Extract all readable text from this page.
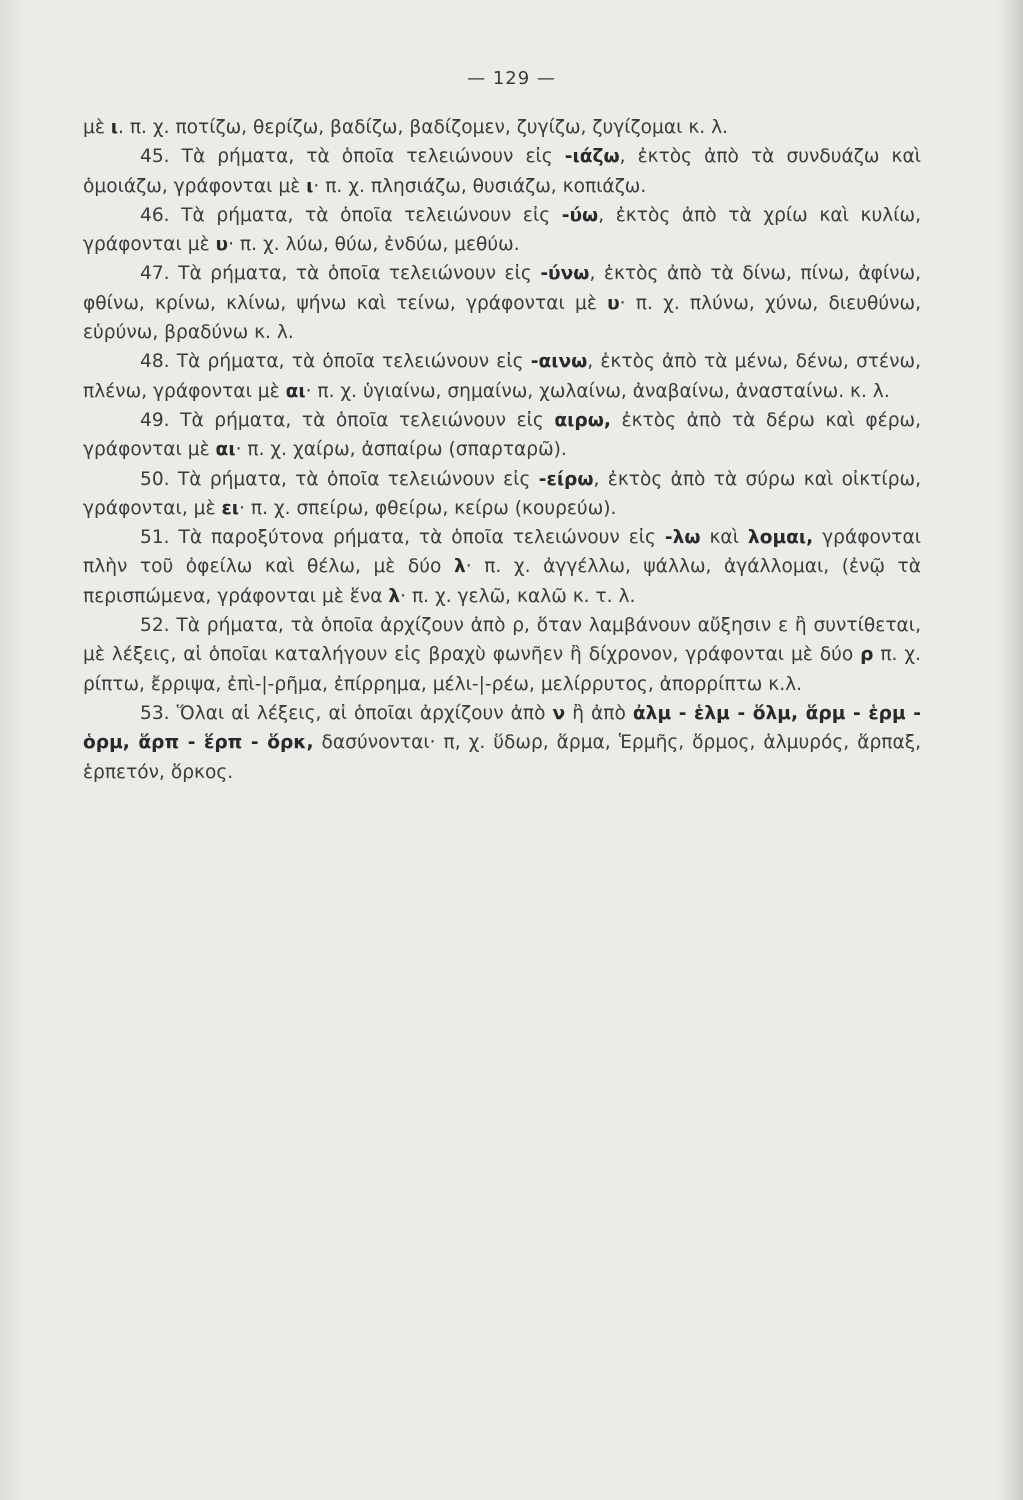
— 129 —

μὲ ι. π. χ. ποτίζω, θερίζω, βαδίζω, βαδίζομεν, ζυγίζω, ζυγίζομαι κ. λ.

45. Τὰ ρήματα, τὰ ὁποῖα τελειώνουν εἰς -ιάζω, ἐκτὸς ἀπὸ τὰ συνδυάζω καὶ ὁμοιάζω, γράφονται μὲ ι· π. χ. πλησιάζω, θυσιάζω, κοπιάζω.

46. Τὰ ρήματα, τὰ ὁποῖα τελειώνουν εἰς -ύω, ἐκτὸς ἀπὸ τὰ χρίω καὶ κυλίω, γράφονται μὲ υ· π. χ. λύω, θύω, ἐνδύω, μεθύω.

47. Τὰ ρήματα, τὰ ὁποῖα τελειώνουν εἰς -ύνω, ἐκτὸς ἀπὸ τὰ δίνω, πίνω, ἀφίνω, φθίνω, κρίνω, κλίνω, ψήνω καὶ τείνω, γράφονται μὲ υ· π. χ. πλύνω, χύνω, διευθύνω, εὐρύνω, βραδύνω κ. λ.

48. Τὰ ρήματα, τὰ ὁποῖα τελειώνουν εἰς -αινω, ἐκτὸς ἀπὸ τὰ μένω, δένω, στένω, πλένω, γράφονται μὲ αι· π. χ. ὑγιαίνω, σημαίνω, χωλαίνω, ἀναβαίνω, ἀνασταίνω. κ. λ.

49. Τὰ ρήματα, τὰ ὁποῖα τελειώνουν εἰς αιρω, ἐκτὸς ἀπὸ τὰ δέρω καὶ φέρω, γράφονται μὲ αι· π. χ. χαίρω, ἀσπαίρω (σπαρταρῶ).

50. Τὰ ρήματα, τὰ ὁποῖα τελειώνουν εἰς -είρω, ἐκτὸς ἀπὸ τὰ σύρω καὶ οἰκτίρω, γράφονται, μὲ ει· π. χ. σπείρω, φθείρω, κείρω (κουρεύω).

51. Τὰ παροξύτονα ρήματα, τὰ ὁποῖα τελειώνουν εἰς -λω καὶ λομαι, γράφονται πλὴν τοῦ ὀφείλω καὶ θέλω, μὲ δύο λ· π. χ. ἀγγέλλω, ψάλλω, ἀγάλλομαι, (ἐνῷ τὰ περισπώμενα, γράφονται μὲ ἕνα λ· π. χ. γελῶ, καλῶ κ. τ. λ.

52. Τὰ ρήματα, τὰ ὁποῖα ἀρχίζουν ἀπὸ ρ, ὅταν λαμβάνουν αὔξησιν ε ἢ συντίθεται, μὲ λέξεις, αἱ ὁποῖαι καταλήγουν εἰς βραχὺ φωνῆεν ἢ δίχρονον, γράφονται μὲ δύο ρ π. χ. ρίπτω, ἔρριψα, ἐπὶ-|-ρῆμα, ἐπίρρημα, μέλι-|-ρέω, μελίρρυτος, ἀπορρίπτω κ.λ.

53. Ὅλαι αἱ λέξεις, αἱ ὁποῖαι ἀρχίζουν ἀπὸ ν ἢ ἀπὸ ἀλμ - ἑλμ - ὅλμ, ἅρμ - ἑρμ - ὁρμ, ἅρπ - ἕρπ - ὅρκ, δασύνονται· π, χ. ὕδωρ, ἅρμα, Ἑρμῆς, ὅρμος, ἁλμυρός, ἅρπαξ, ἑρπετόν, ὅρκος.
